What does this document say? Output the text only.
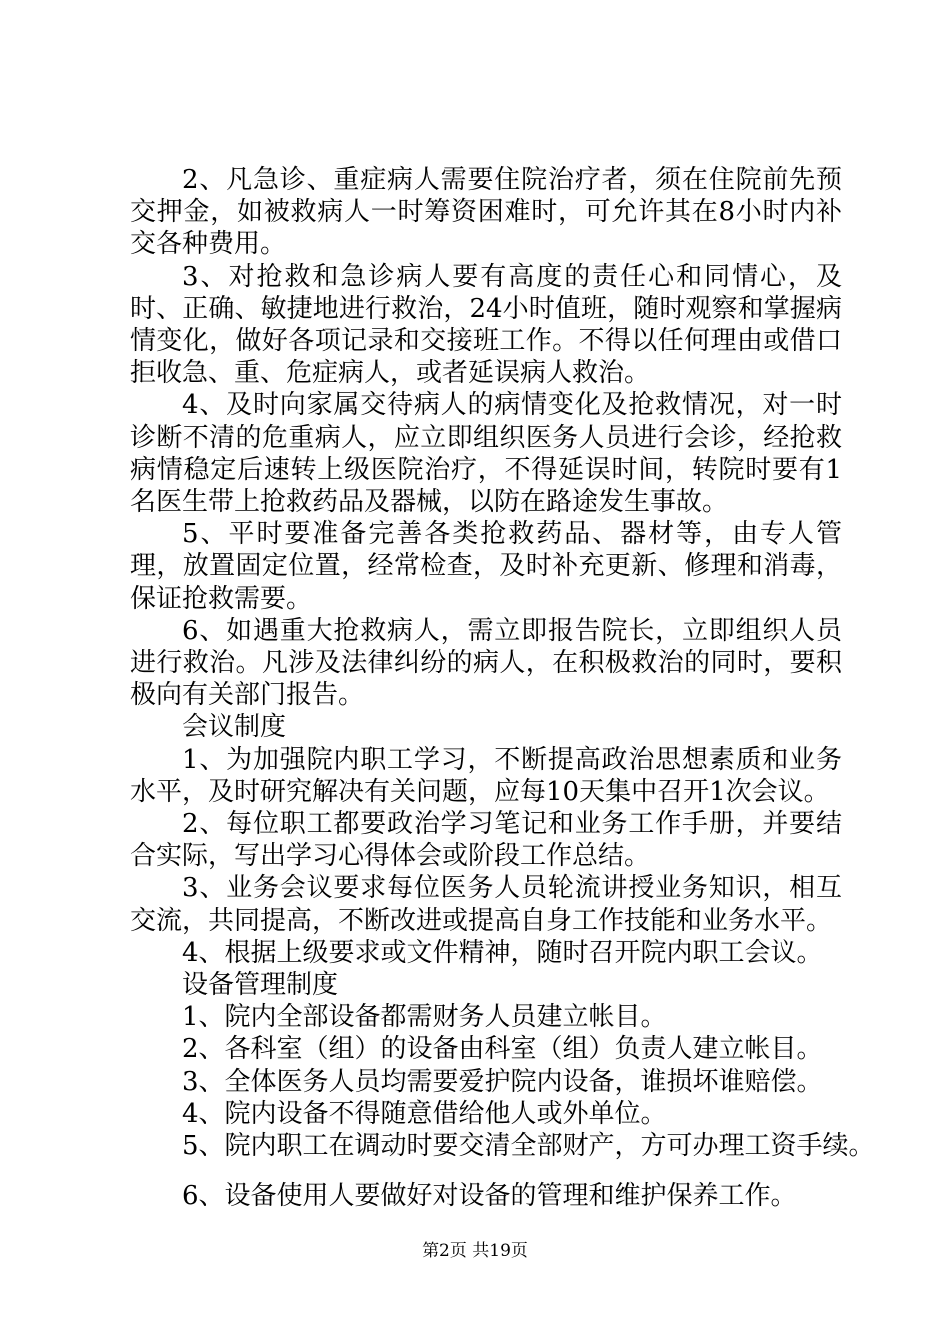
2、凡急诊、重症病人需要住院治疗者，须在住院前先预交押金，如被救病人一时筹资困难时，可允许其在8小时内补交各种费用。

3、对抢救和急诊病人要有高度的责任心和同情心，及时、正确、敏捷地进行救治，24小时值班，随时观察和掌握病情变化，做好各项记录和交接班工作。不得以任何理由或借口拒收急、重、危症病人，或者延误病人救治。

4、及时向家属交待病人的病情变化及抢救情况，对一时诊断不清的危重病人，应立即组织医务人员进行会诊，经抢救病情稳定后速转上级医院治疗，不得延误时间，转院时要有1名医生带上抢救药品及器械，以防在路途发生事故。

5、平时要准备完善各类抢救药品、器材等，由专人管理，放置固定位置，经常检查，及时补充更新、修理和消毒，保证抢救需要。

6、如遇重大抢救病人，需立即报告院长，立即组织人员进行救治。凡涉及法律纠纷的病人，在积极救治的同时，要积极向有关部门报告。

会议制度

1、为加强院内职工学习，不断提高政治思想素质和业务水平，及时研究解决有关问题，应每10天集中召开1次会议。

2、每位职工都要政治学习笔记和业务工作手册，并要结合实际，写出学习心得体会或阶段工作总结。

3、业务会议要求每位医务人员轮流讲授业务知识，相互交流，共同提高，不断改进或提高自身工作技能和业务水平。

4、根据上级要求或文件精神，随时召开院内职工会议。

设备管理制度

1、院内全部设备都需财务人员建立帐目。

2、各科室（组）的设备由科室（组）负责人建立帐目。

3、全体医务人员均需要爱护院内设备，谁损坏谁赔偿。

4、院内设备不得随意借给他人或外单位。

5、院内职工在调动时要交清全部财产，方可办理工资手续。

6、设备使用人要做好对设备的管理和维护保养工作。

第2页 共19页
